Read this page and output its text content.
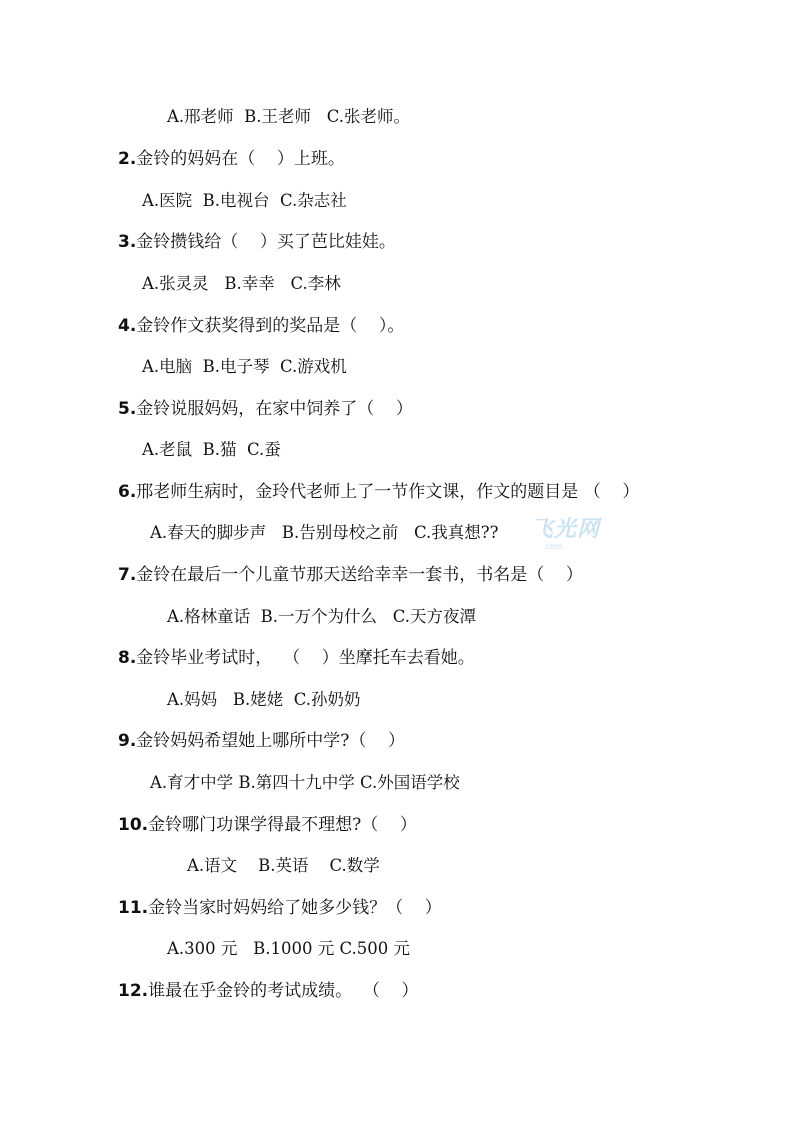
A.邢老师  B.王老师   C.张老师。
2.金铃的妈妈在（    ）上班。
A.医院  B.电视台  C.杂志社
3.金铃攒钱给（    ）买了芭比娃娃。
A.张灵灵   B.幸幸   C.李林
4.金铃作文获奖得到的奖品是（    ）。
A.电脑  B.电子琴  C.游戏机
5.金铃说服妈妈，在家中饲养了（    ）
A.老鼠  B.猫  C.蚕
6.邢老师生病时，金玲代老师上了一节作文课，作文的题目是 （    ）
A.春天的脚步声   B.告别母校之前   C.我真想??
7.金铃在最后一个儿童节那天送给幸幸一套书，书名是（    ）
A.格林童话  B.一万个为什么   C.天方夜潭
8.金铃毕业考试时，  （    ）坐摩托车去看她。
A.妈妈   B.姥姥  C.孙奶奶
9.金铃妈妈希望她上哪所中学?（    ）
A.育才中学 B.第四十九中学 C.外国语学校
10.金铃哪门功课学得最不理想?（    ）
A.语文    B.英语    C.数学
11.金铃当家时妈妈给了她多少钱？（    ）
A.300 元   B.1000 元 C.500 元
12.谁最在乎金铃的考试成绩。  （    ）
飞光网
.com
